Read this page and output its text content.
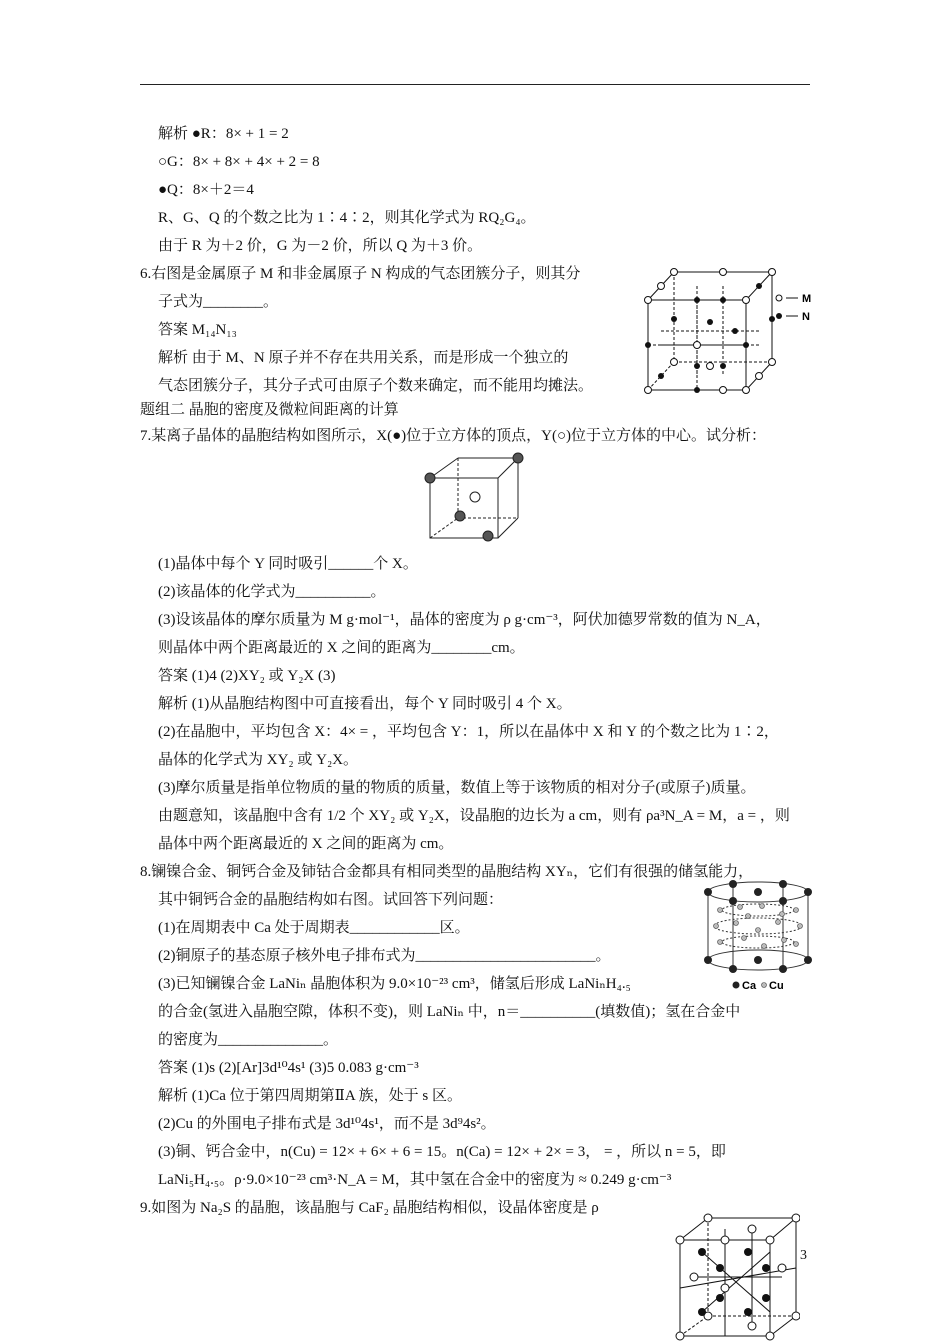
解析 ●R：8× + 1 = 2
○G：8× + 8× + 4× + 2 = 8
●Q：8×＋2＝4
R、G、Q 的个数之比为 1∶4∶2，则其化学式为 RQ₂G₄。
由于 R 为＋2 价，G 为－2 价，所以 Q 为＋3 价。
6.右图是金属原子 M 和非金属原子 N 构成的气态团簇分子，则其分
子式为________。
答案 M₁₄N₁₃
解析 由于 M、N 原子并不存在共用关系，而是形成一个独立的
气态团簇分子，其分子式可由原子个数来确定，而不能用均摊法。
题组二 晶胞的密度及微粒间距离的计算
7.某离子晶体的晶胞结构如图所示，X(●)位于立方体的顶点，Y(○)位于立方体的中心。试分析：
(1)晶体中每个 Y 同时吸引______个 X。
(2)该晶体的化学式为__________。
(3)设该晶体的摩尔质量为 M g·mol⁻¹，晶体的密度为 ρ g·cm⁻³，阿伏加德罗常数的值为 N_A，
则晶体中两个距离最近的 X 之间的距离为________cm。
答案 (1)4 (2)XY₂ 或 Y₂X (3)
解析 (1)从晶胞结构图中可直接看出，每个 Y 同时吸引 4 个 X。
(2)在晶胞中，平均包含 X：4× = ，平均包含 Y：1，所以在晶体中 X 和 Y 的个数之比为 1∶2，
晶体的化学式为 XY₂ 或 Y₂X。
(3)摩尔质量是指单位物质的量的物质的质量，数值上等于该物质的相对分子(或原子)质量。
由题意知，该晶胞中含有 1/2 个 XY₂ 或 Y₂X，设晶胞的边长为 a cm，则有 ρa³N_A = M，a = ，则
晶体中两个距离最近的 X 之间的距离为 cm。
8.镧镍合金、铜钙合金及铈钴合金都具有相同类型的晶胞结构 XYₙ，它们有很强的储氢能力，
其中铜钙合金的晶胞结构如右图。试回答下列问题：
(1)在周期表中 Ca 处于周期表____________区。
(2)铜原子的基态原子核外电子排布式为________________________。
(3)已知镧镍合金 LaNiₙ 晶胞体积为 9.0×10⁻²³ cm³，储氢后形成 LaNiₙH₄.₅
的合金(氢进入晶胞空隙，体积不变)，则 LaNiₙ 中，n＝__________(填数值)；氢在合金中
的密度为______________。
答案 (1)s (2)[Ar]3d¹⁰4s¹ (3)5 0.083 g·cm⁻³
解析 (1)Ca 位于第四周期第ⅡA 族，处于 s 区。
(2)Cu 的外围电子排布式是 3d¹⁰4s¹，而不是 3d⁹4s²。
(3)铜、钙合金中，n(Cu) = 12× + 6× + 6 = 15。n(Ca) = 12× + 2× = 3， = ，所以 n = 5，即
LaNi₅H₄.₅。ρ·9.0×10⁻²³ cm³·N_A = M，其中氢在合金中的密度为 ≈ 0.249 g·cm⁻³
9.如图为 Na₂S 的晶胞，该晶胞与 CaF₂ 晶胞结构相似，设晶体密度是 ρ
M
N
Ca Cu
3
